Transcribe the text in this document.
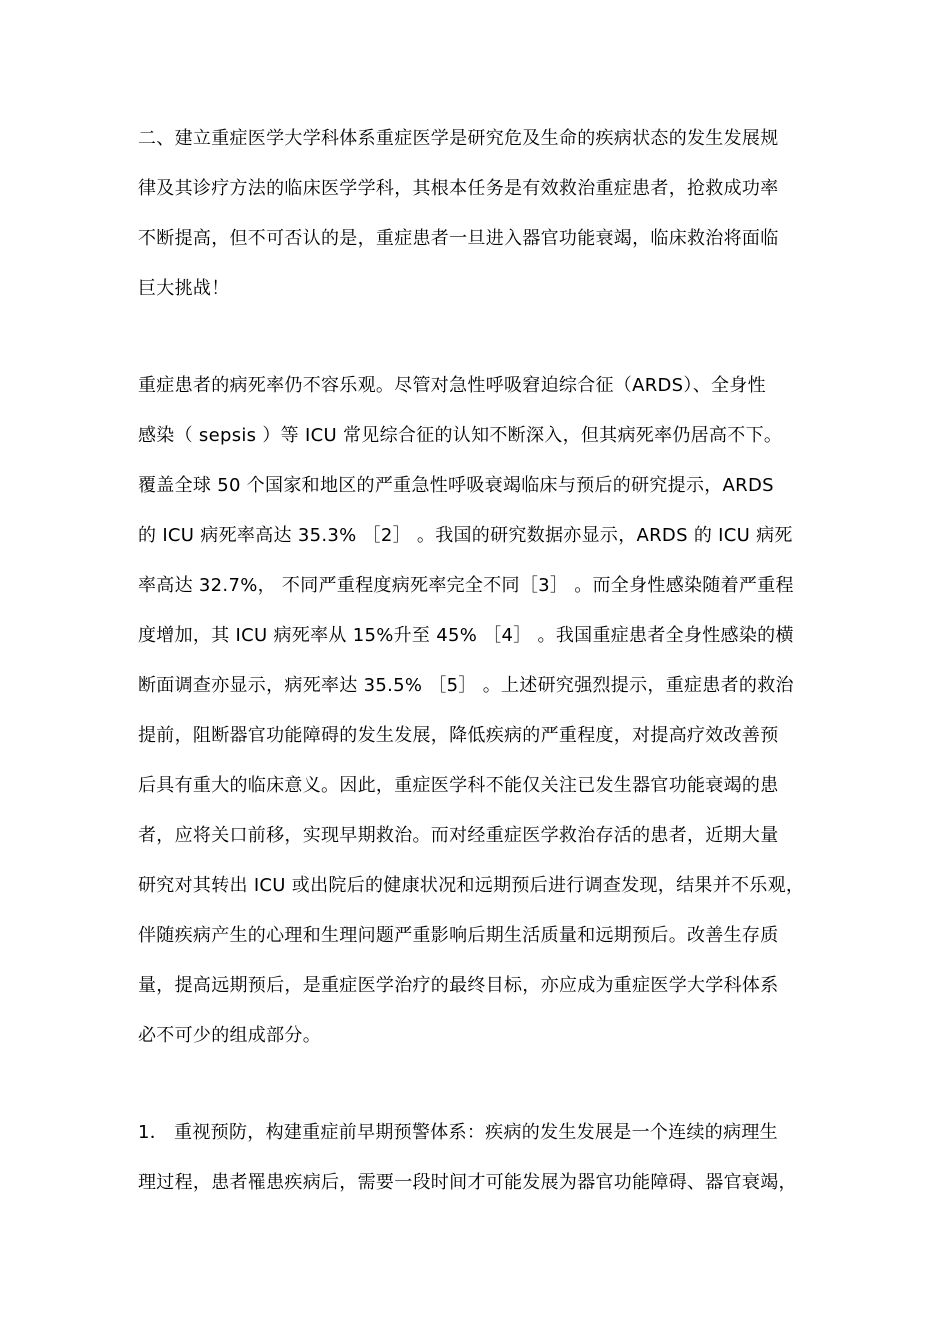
二、建立重症医学大学科体系重症医学是研究危及生命的疾病状态的发生发展规
律及其诊疗方法的临床医学学科，其根本任务是有效救治重症患者，抢救成功率
不断提高，但不可否认的是，重症患者一旦进入器官功能衰竭，临床救治将面临
巨大挑战！
重症患者的病死率仍不容乐观。尽管对急性呼吸窘迫综合征（ARDS）、全身性
感染（ sepsis ）等 ICU 常见综合征的认知不断深入，但其病死率仍居高不下。
覆盖全球 50 个国家和地区的严重急性呼吸衰竭临床与预后的研究提示，ARDS
的 ICU 病死率高达 35.3% ［2］ 。我国的研究数据亦显示，ARDS 的 ICU 病死
率高达 32.7%， 不同严重程度病死率完全不同［3］ 。而全身性感染随着严重程
度增加，其 ICU 病死率从 15%升至 45% ［4］ 。我国重症患者全身性感染的横
断面调查亦显示，病死率达 35.5% ［5］ 。上述研究强烈提示，重症患者的救治
提前，阻断器官功能障碍的发生发展，降低疾病的严重程度，对提高疗效改善预
后具有重大的临床意义。因此，重症医学科不能仅关注已发生器官功能衰竭的患
者，应将关口前移，实现早期救治。而对经重症医学救治存活的患者，近期大量
研究对其转出 ICU 或出院后的健康状况和远期预后进行调查发现，结果并不乐观，
伴随疾病产生的心理和生理问题严重影响后期生活质量和远期预后。改善生存质
量，提高远期预后，是重症医学治疗的最终目标，亦应成为重症医学大学科体系
必不可少的组成部分。
1． 重视预防，构建重症前早期预警体系：疾病的发生发展是一个连续的病理生
理过程，患者罹患疾病后，需要一段时间才可能发展为器官功能障碍、器官衰竭，
